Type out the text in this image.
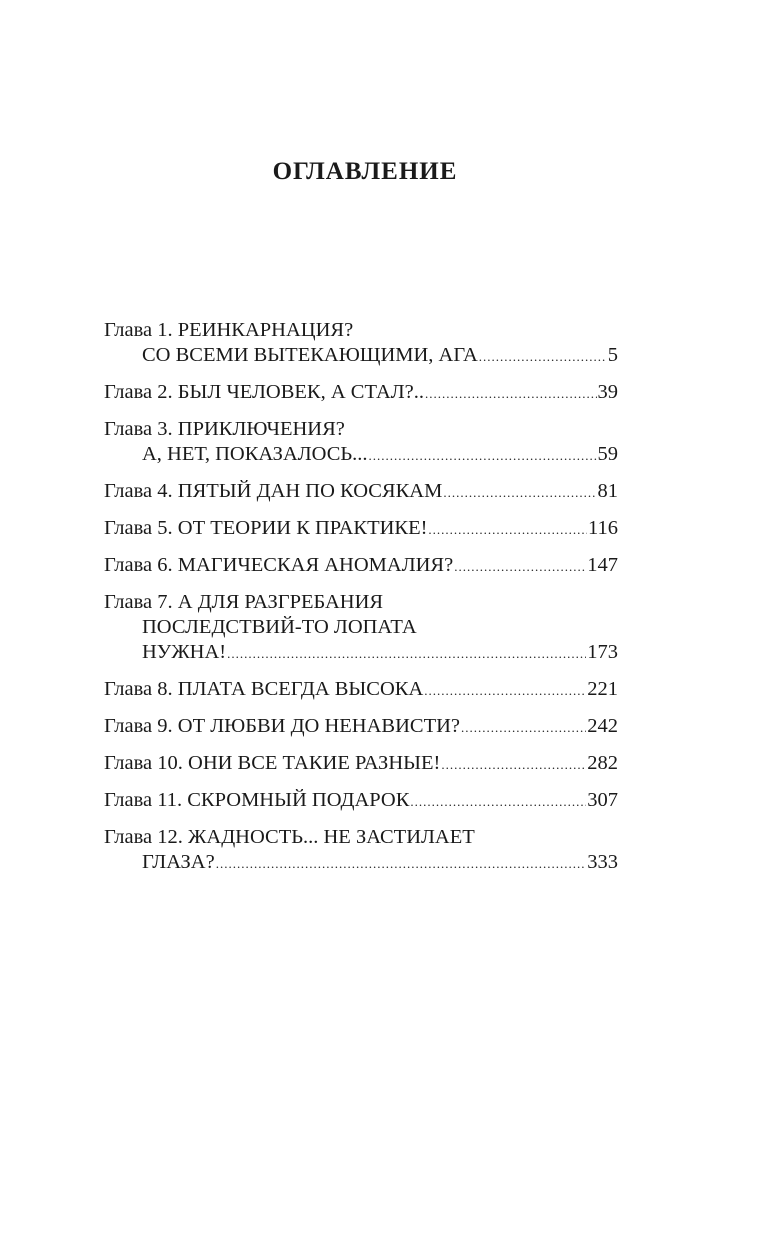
ОГЛАВЛЕНИЕ
Глава 1. РЕИНКАРНАЦИЯ?
СО ВСЕМИ ВЫТЕКАЮЩИМИ, АГА .....	5
Глава 2. БЫЛ ЧЕЛОВЕК, А СТАЛ?.. .....	39
Глава 3. ПРИКЛЮЧЕНИЯ?
А, НЕТ, ПОКАЗАЛОСЬ... .....	59
Глава 4. ПЯТЫЙ ДАН ПО КОСЯКАМ .....	81
Глава 5. ОТ ТЕОРИИ К ПРАКТИКЕ! .....	116
Глава 6. МАГИЧЕСКАЯ АНОМАЛИЯ? .....	147
Глава 7. А ДЛЯ РАЗГРЕБАНИЯ
ПОСЛЕДСТВИЙ-ТО ЛОПАТА
НУЖНА! .....	173
Глава 8. ПЛАТА ВСЕГДА ВЫСОКА .....	221
Глава 9. ОТ ЛЮБВИ ДО НЕНАВИСТИ? .....	242
Глава 10. ОНИ ВСЕ ТАКИЕ РАЗНЫЕ! .....	282
Глава 11. СКРОМНЫЙ ПОДАРОК .....	307
Глава 12. ЖАДНОСТЬ... НЕ ЗАСТИЛАЕТ
ГЛАЗА? .....	333
